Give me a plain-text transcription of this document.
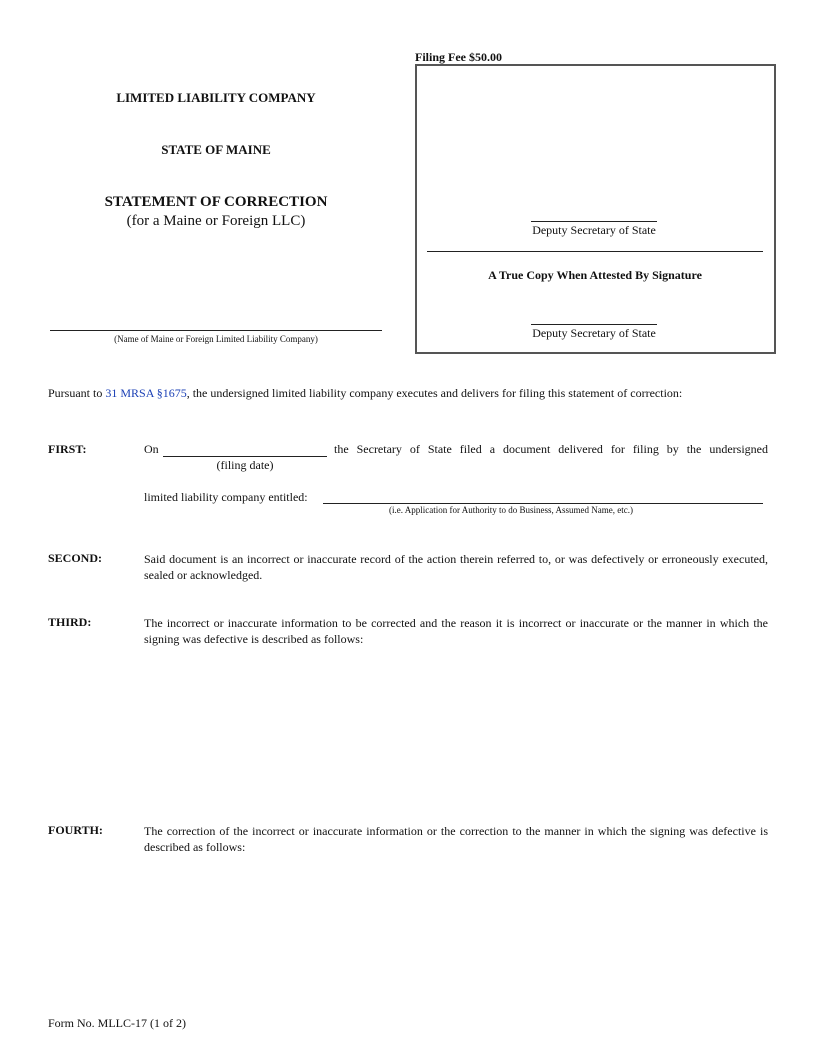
LIMITED LIABILITY COMPANY
STATE OF MAINE
STATEMENT OF CORRECTION
(for a Maine or Foreign LLC)
(Name of Maine or Foreign Limited Liability Company)
Filing Fee $50.00
Deputy Secretary of State
A True Copy When Attested By Signature
Deputy Secretary of State
Pursuant to 31 MRSA §1675, the undersigned limited liability company executes and delivers for filing this statement of correction:
FIRST:	On	the Secretary of State filed a document delivered for filing by the undersigned
(filing date)
limited liability company entitled:
(i.e. Application for Authority to do Business, Assumed Name, etc.)
SECOND:	Said document is an incorrect or inaccurate record of the action therein referred to, or was defectively or erroneously executed, sealed or acknowledged.
THIRD:	The incorrect or inaccurate information to be corrected and the reason it is incorrect or inaccurate or the manner in which the signing was defective is described as follows:
FOURTH:	The correction of the incorrect or inaccurate information or the correction to the manner in which the signing was defective is described as follows:
Form No. MLLC-17 (1 of 2)
